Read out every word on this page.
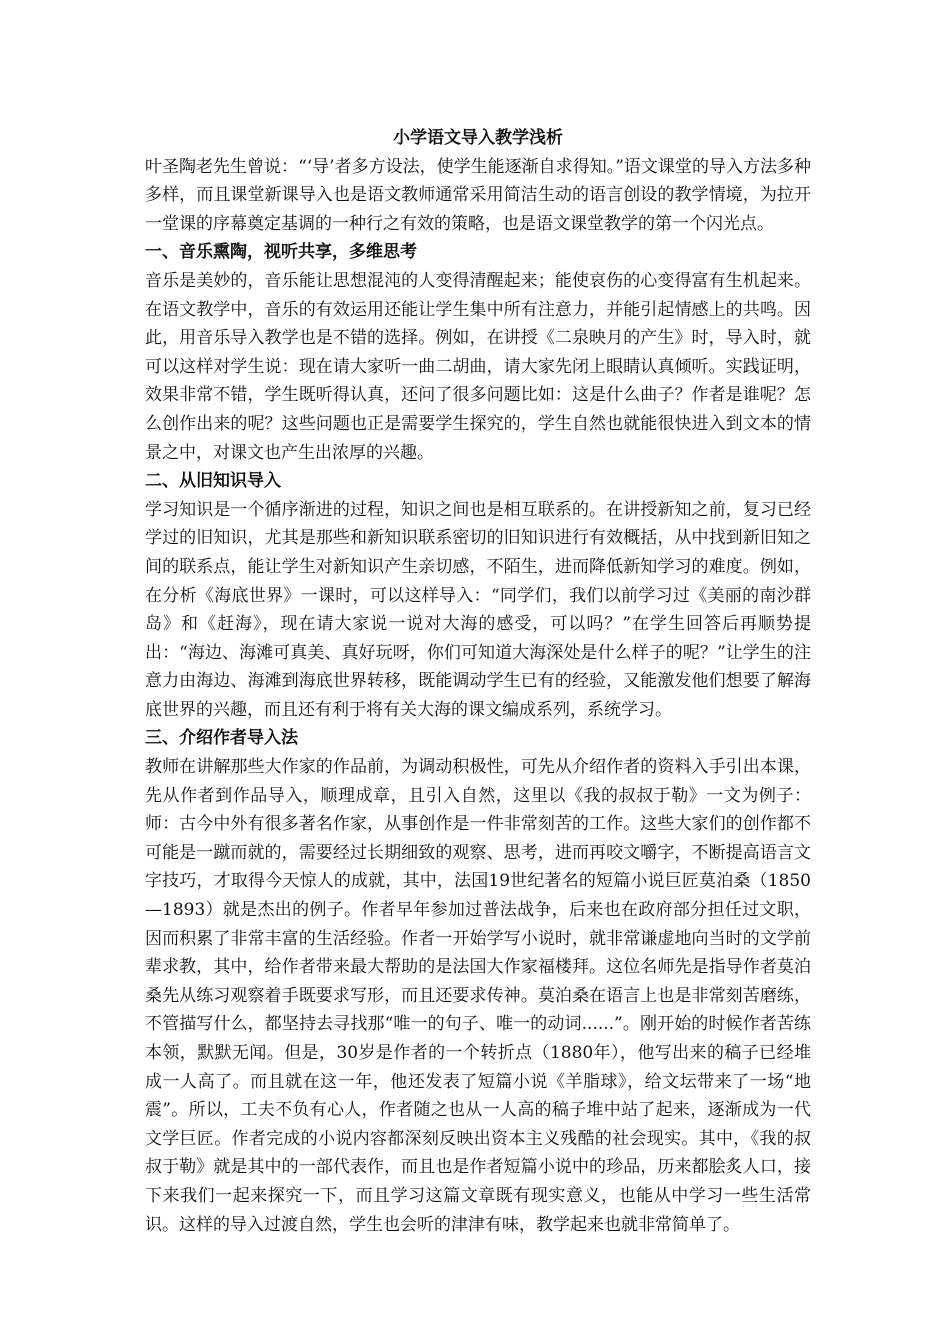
小学语文导入教学浅析

叶圣陶老先生曾说：“‘导’者多方设法，使学生能逐渐自求得知。”语文课堂的导入方法多种多样，而且课堂新课导入也是语文教师通常采用简洁生动的语言创设的教学情境，为拉开一堂课的序幕奠定基调的一种行之有效的策略，也是语文课堂教学的第一个闪光点。

一、音乐熏陶，视听共享，多维思考

音乐是美妙的，音乐能让思想混沌的人变得清醒起来；能使哀伤的心变得富有生机起来。在语文教学中，音乐的有效运用还能让学生集中所有注意力，并能引起情感上的共鸣。因此，用音乐导入教学也是不错的选择。例如，在讲授《二泉映月的产生》时，导入时，就可以这样对学生说：现在请大家听一曲二胡曲，请大家先闭上眼睛认真倾听。实践证明，效果非常不错，学生既听得认真，还问了很多问题比如：这是什么曲子？作者是谁呢？怎么创作出来的呢？这些问题也正是需要学生探究的，学生自然也就能很快进入到文本的情景之中，对课文也产生出浓厚的兴趣。

二、从旧知识导入

学习知识是一个循序渐进的过程，知识之间也是相互联系的。在讲授新知之前，复习已经学过的旧知识，尤其是那些和新知识联系密切的旧知识进行有效概括，从中找到新旧知之间的联系点，能让学生对新知识产生亲切感，不陌生，进而降低新知学习的难度。例如，在分析《海底世界》一课时，可以这样导入：“同学们，我们以前学习过《美丽的南沙群岛》和《赶海》，现在请大家说一说对大海的感受，可以吗？”在学生回答后再顺势提出：“海边、海滩可真美、真好玩呀，你们可知道大海深处是什么样子的呢？”让学生的注意力由海边、海滩到海底世界转移，既能调动学生已有的经验，又能激发他们想要了解海底世界的兴趣，而且还有利于将有关大海的课文编成系列，系统学习。

三、介绍作者导入法

教师在讲解那些大作家的作品前，为调动积极性，可先从介绍作者的资料入手引出本课，先从作者到作品导入，顺理成章，且引入自然，这里以《我的叔叔于勒》一文为例子：师：古今中外有很多著名作家，从事创作是一件非常刻苦的工作。这些大家们的创作都不可能是一蹴而就的，需要经过长期细致的观察、思考，进而再咬文嚼字，不断提高语言文字技巧，才取得今天惊人的成就，其中，法国19世纪著名的短篇小说巨匠莫泊桑（1850—1893）就是杰出的例子。作者早年参加过普法战争，后来也在政府部分担任过文职，因而积累了非常丰富的生活经验。作者一开始学写小说时，就非常谦虚地向当时的文学前辈求教，其中，给作者带来最大帮助的是法国大作家福楼拜。这位名师先是指导作者莫泊桑先从练习观察着手既要求写形，而且还要求传神。莫泊桑在语言上也是非常刻苦磨练，不管描写什么，都坚持去寻找那“唯一的句子、唯一的动词......”。刚开始的时候作者苦练本领，默默无闻。但是，30岁是作者的一个转折点（1880年），他写出来的稿子已经堆成一人高了。而且就在这一年，他还发表了短篇小说《羊脂球》，给文坛带来了一场“地震”。所以，工夫不负有心人，作者随之也从一人高的稿子堆中站了起来，逐渐成为一代文学巨匠。作者完成的小说内容都深刻反映出资本主义残酷的社会现实。其中，《我的叔叔于勒》就是其中的一部代表作，而且也是作者短篇小说中的珍品，历来都脍炙人口，接下来我们一起来探究一下，而且学习这篇文章既有现实意义，也能从中学习一些生活常识。这样的导入过渡自然，学生也会听的津津有味，教学起来也就非常简单了。
